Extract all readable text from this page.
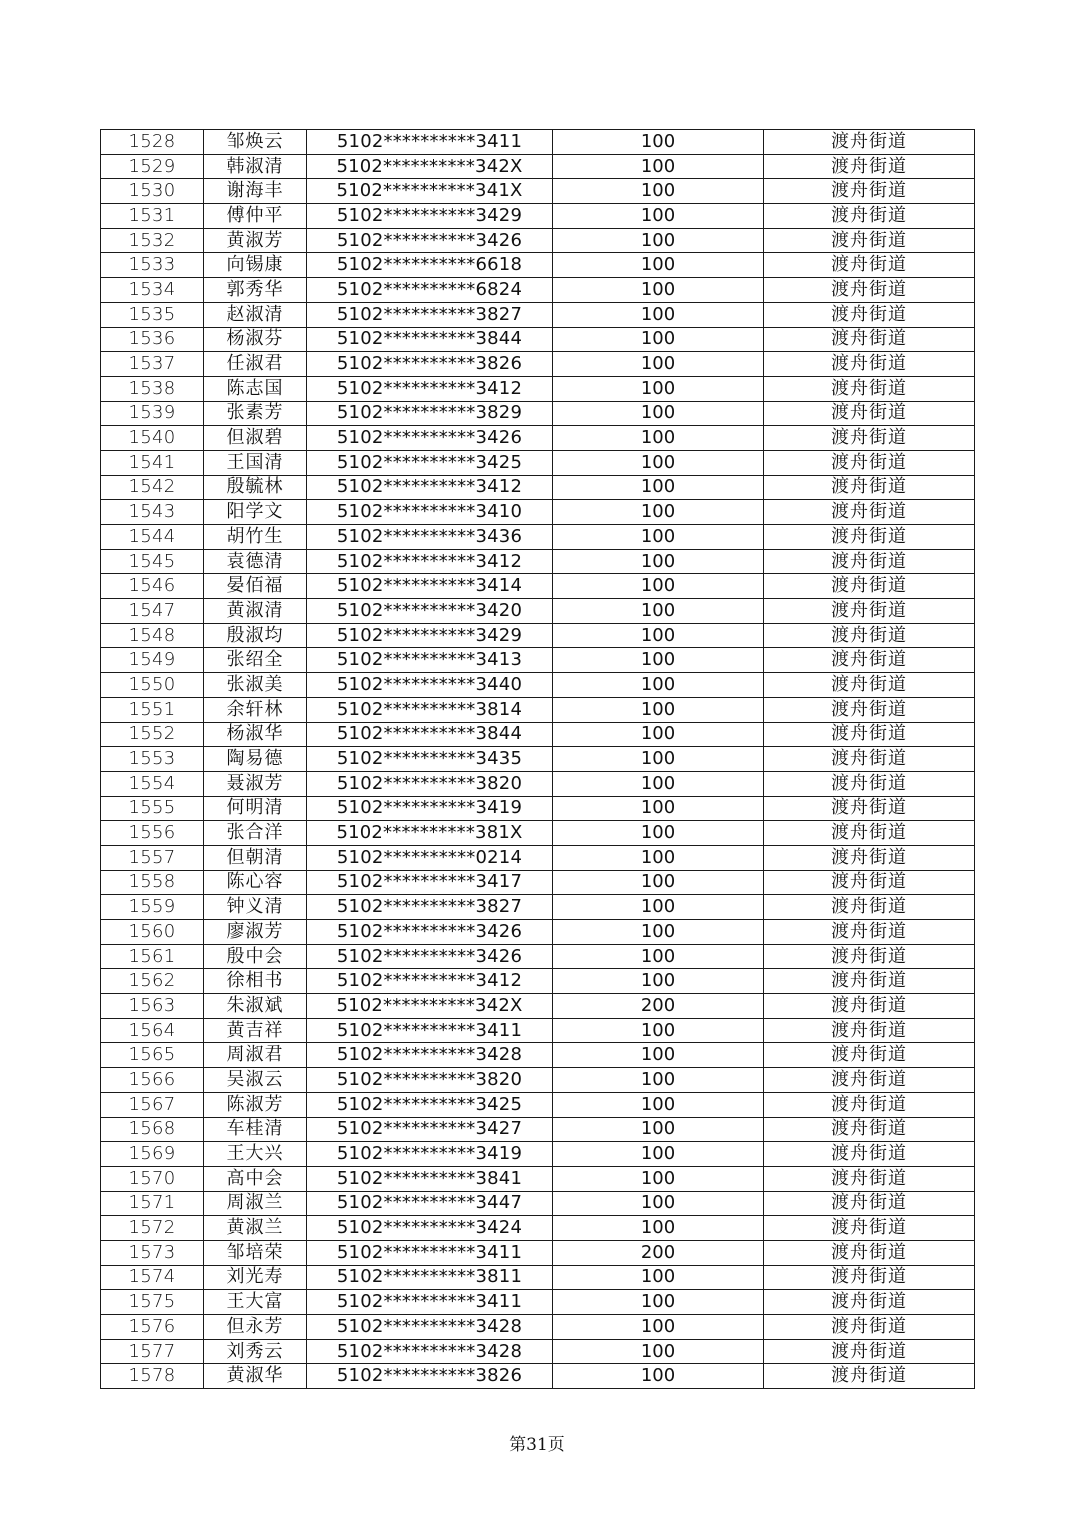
1528	邹焕云	5102**********3411	100	渡舟街道
1529	韩淑清	5102**********342X	100	渡舟街道
1530	谢海丰	5102**********341X	100	渡舟街道
1531	傅仲平	5102**********3429	100	渡舟街道
1532	黄淑芳	5102**********3426	100	渡舟街道
1533	向锡康	5102**********6618	100	渡舟街道
1534	郭秀华	5102**********6824	100	渡舟街道
1535	赵淑清	5102**********3827	100	渡舟街道
1536	杨淑芬	5102**********3844	100	渡舟街道
1537	任淑君	5102**********3826	100	渡舟街道
1538	陈志国	5102**********3412	100	渡舟街道
1539	张素芳	5102**********3829	100	渡舟街道
1540	但淑碧	5102**********3426	100	渡舟街道
1541	王国清	5102**********3425	100	渡舟街道
1542	殷毓林	5102**********3412	100	渡舟街道
1543	阳学文	5102**********3410	100	渡舟街道
1544	胡竹生	5102**********3436	100	渡舟街道
1545	袁德清	5102**********3412	100	渡舟街道
1546	晏佰福	5102**********3414	100	渡舟街道
1547	黄淑清	5102**********3420	100	渡舟街道
1548	殷淑均	5102**********3429	100	渡舟街道
1549	张绍全	5102**********3413	100	渡舟街道
1550	张淑美	5102**********3440	100	渡舟街道
1551	余轩林	5102**********3814	100	渡舟街道
1552	杨淑华	5102**********3844	100	渡舟街道
1553	陶易德	5102**********3435	100	渡舟街道
1554	聂淑芳	5102**********3820	100	渡舟街道
1555	何明清	5102**********3419	100	渡舟街道
1556	张合洋	5102**********381X	100	渡舟街道
1557	但朝清	5102**********0214	100	渡舟街道
1558	陈心容	5102**********3417	100	渡舟街道
1559	钟义清	5102**********3827	100	渡舟街道
1560	廖淑芳	5102**********3426	100	渡舟街道
1561	殷中会	5102**********3426	100	渡舟街道
1562	徐相书	5102**********3412	100	渡舟街道
1563	朱淑斌	5102**********342X	200	渡舟街道
1564	黄吉祥	5102**********3411	100	渡舟街道
1565	周淑君	5102**********3428	100	渡舟街道
1566	吴淑云	5102**********3820	100	渡舟街道
1567	陈淑芳	5102**********3425	100	渡舟街道
1568	车桂清	5102**********3427	100	渡舟街道
1569	王大兴	5102**********3419	100	渡舟街道
1570	高中会	5102**********3841	100	渡舟街道
1571	周淑兰	5102**********3447	100	渡舟街道
1572	黄淑兰	5102**********3424	100	渡舟街道
1573	邹培荣	5102**********3411	200	渡舟街道
1574	刘光寿	5102**********3811	100	渡舟街道
1575	王大富	5102**********3411	100	渡舟街道
1576	但永芳	5102**********3428	100	渡舟街道
1577	刘秀云	5102**********3428	100	渡舟街道
1578	黄淑华	5102**********3826	100	渡舟街道
第31页
